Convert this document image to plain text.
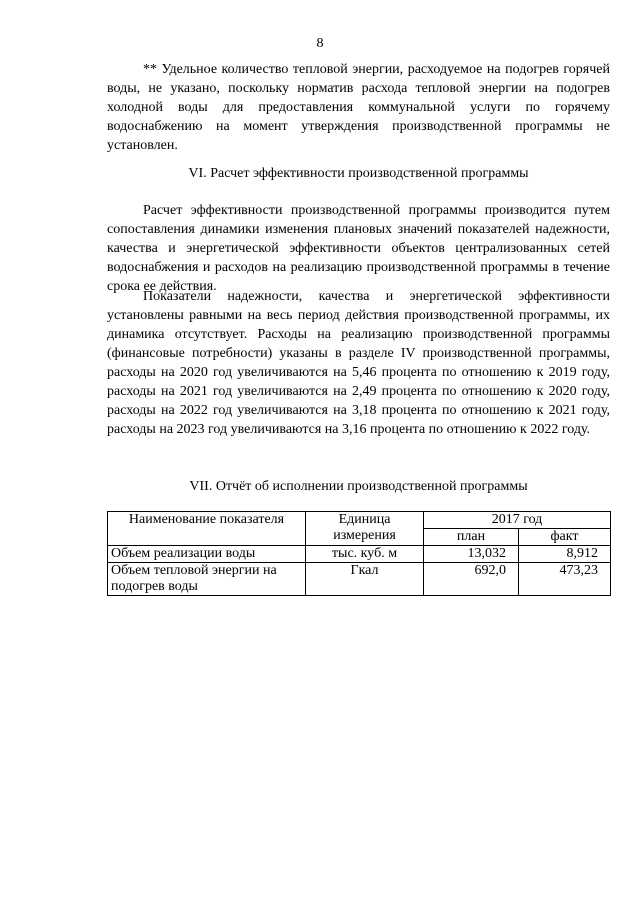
8

** Удельное количество тепловой энергии, расходуемое на подогрев горячей воды, не указано, поскольку норматив расхода тепловой энергии на подогрев холодной воды для предоставления коммунальной услуги по горячему водоснабжению на момент утверждения производственной программы не установлен.

VI. Расчет эффективности производственной программы

Расчет эффективности производственной программы производится путем сопоставления динамики изменения плановых значений показателей надежности, качества и энергетической эффективности объектов централизованных сетей водоснабжения и расходов на реализацию производственной программы в течение срока ее действия.

Показатели надежности, качества и энергетической эффективности установлены равными на весь период действия производственной программы, их динамика отсутствует. Расходы на реализацию производственной программы (финансовые потребности) указаны в разделе IV производственной программы, расходы на 2020 год увеличиваются на 5,46 процента по отношению к 2019 году, расходы на 2021 год увеличиваются на 2,49 процента по отношению к 2020 году, расходы на 2022 год увеличиваются на 3,18 процента по отношению к 2021 году, расходы на 2023 год увеличиваются на 3,16 процента по отношению к 2022 году.

VII. Отчёт об исполнении производственной программы
Наименование показателя	Единица измерения	2017 год	
		план	факт
Объем реализации воды	тыс. куб. м	13,032	8,912
Объем тепловой энергии на подогрев воды	Гкал	692,0	473,23
